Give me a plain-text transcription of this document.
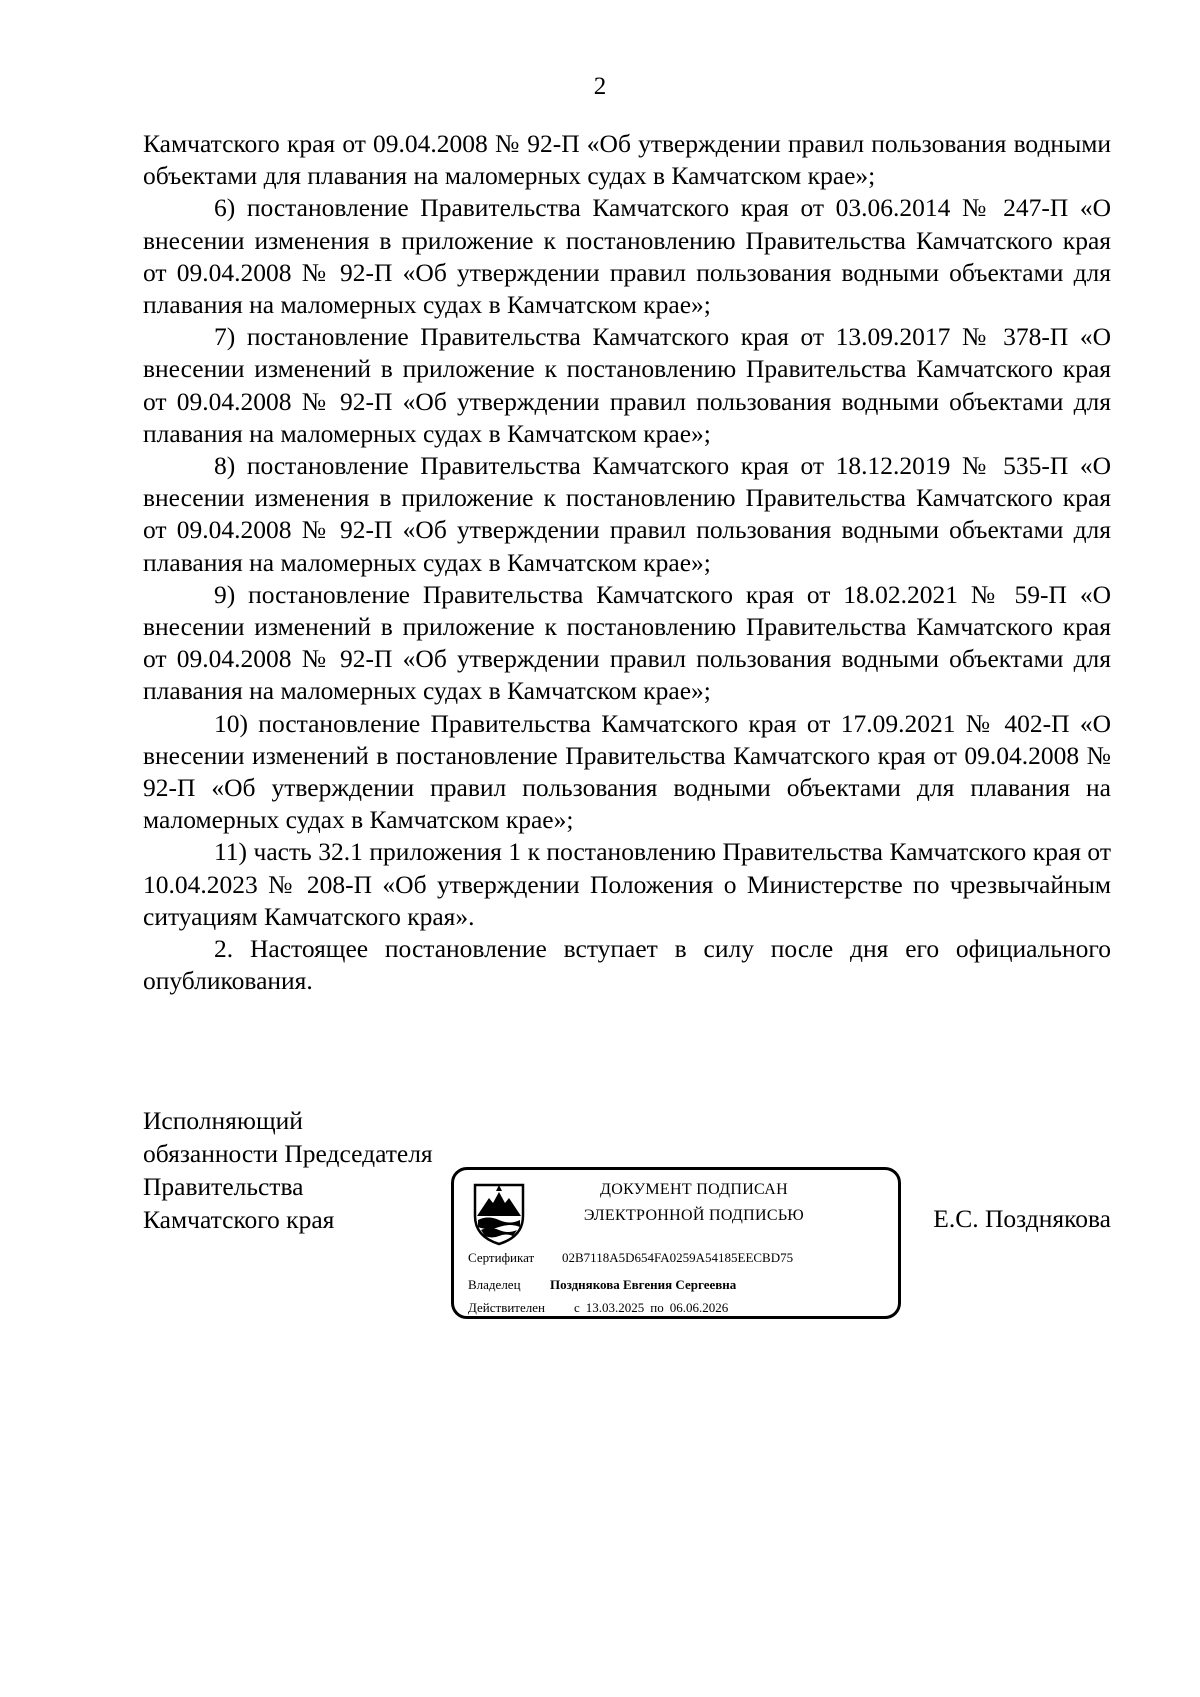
2

Камчатского края от 09.04.2008 № 92-П «Об утверждении правил пользования водными объектами для плавания на маломерных судах в Камчатском крае»;

6) постановление Правительства Камчатского края от 03.06.2014 № 247-П «О внесении изменения в приложение к постановлению Правительства Камчатского края от 09.04.2008 № 92-П «Об утверждении правил пользования водными объектами для плавания на маломерных судах в Камчатском крае»;

7) постановление Правительства Камчатского края от 13.09.2017 № 378-П «О внесении изменений в приложение к постановлению Правительства Камчатского края от 09.04.2008 № 92-П «Об утверждении правил пользования водными объектами для плавания на маломерных судах в Камчатском крае»;

8) постановление Правительства Камчатского края от 18.12.2019 № 535-П «О внесении изменения в приложение к постановлению Правительства Камчатского края от 09.04.2008 № 92-П «Об утверждении правил пользования водными объектами для плавания на маломерных судах в Камчатском крае»;

9) постановление Правительства Камчатского края от 18.02.2021 № 59-П «О внесении изменений в приложение к постановлению Правительства Камчатского края от 09.04.2008 № 92-П «Об утверждении правил пользования водными объектами для плавания на маломерных судах в Камчатском крае»;

10) постановление Правительства Камчатского края от 17.09.2021 № 402-П «О внесении изменений в постановление Правительства Камчатского края от 09.04.2008 № 92-П «Об утверждении правил пользования водными объектами для плавания на маломерных судах в Камчатском крае»;

11) часть 32.1 приложения 1 к постановлению Правительства Камчатского края от 10.04.2023 № 208-П «Об утверждении Положения о Министерстве по чрезвычайным ситуациям Камчатского края».

2. Настоящее постановление вступает в силу после дня его официального опубликования.

Исполняющий
обязанности Председателя
Правительства
Камчатского края	Е.С. Позднякова
ДОКУМЕНТ ПОДПИСАН
ЭЛЕКТРОННОЙ ПОДПИСЬЮ
Сертификат 02B7118A5D654FA0259A54185EECBD75
Владелец Позднякова Евгения Сергеевна
Действителен с 13.03.2025 по 06.06.2026
